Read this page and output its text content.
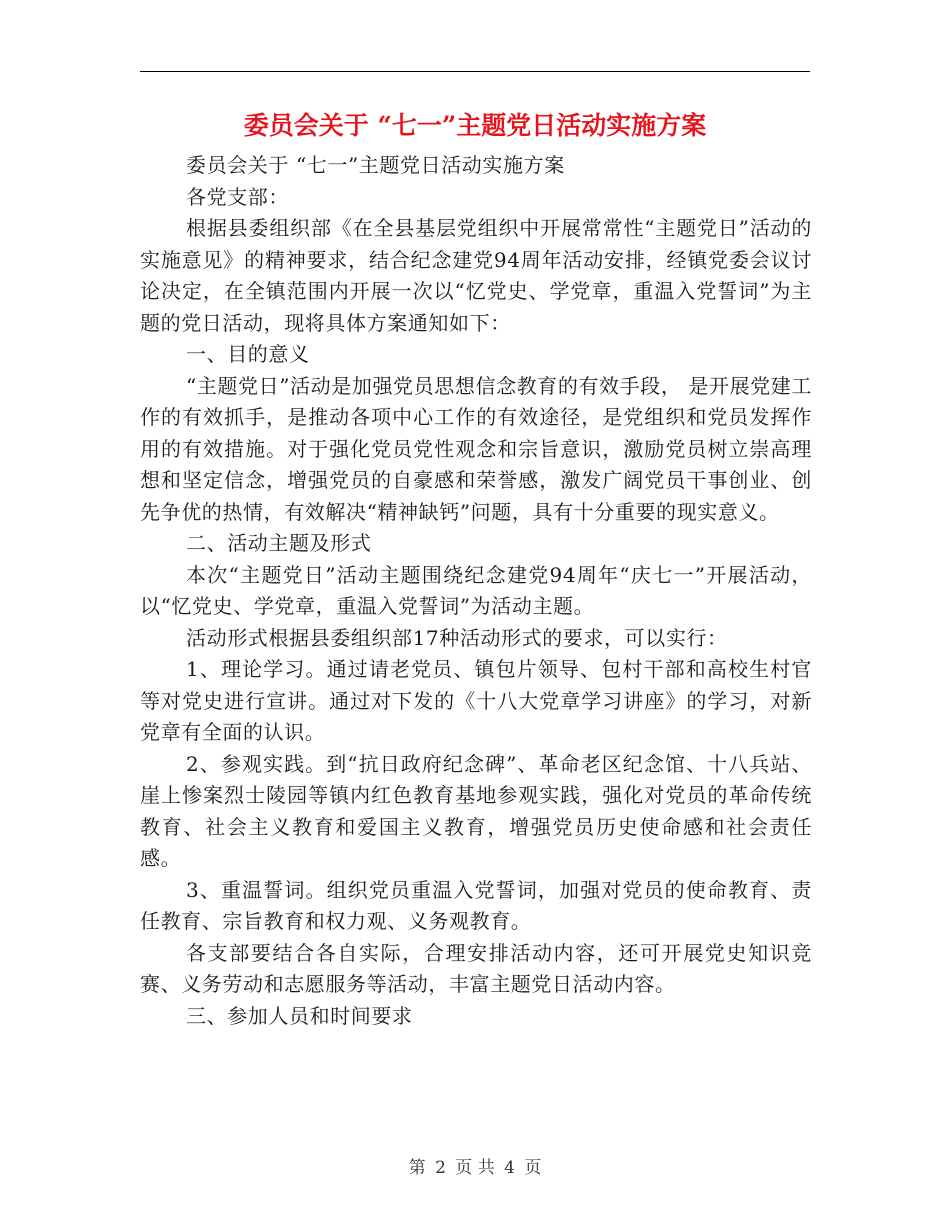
委员会关于 “七一”主题党日活动实施方案

委员会关于 “七一”主题党日活动实施方案

各党支部：

根据县委组织部《在全县基层党组织中开展常常性“主题党日”活动的实施意见》的精神要求，结合纪念建党94周年活动安排，经镇党委会议讨论决定，在全镇范围内开展一次以“忆党史、学党章，重温入党誓词”为主题的党日活动，现将具体方案通知如下：

一、目的意义

“主题党日”活动是加强党员思想信念教育的有效手段， 是开展党建工作的有效抓手，是推动各项中心工作的有效途径，是党组织和党员发挥作用的有效措施。对于强化党员党性观念和宗旨意识，激励党员树立崇高理想和坚定信念，增强党员的自豪感和荣誉感，激发广阔党员干事创业、创先争优的热情，有效解决“精神缺钙”问题，具有十分重要的现实意义。

二、活动主题及形式

本次“主题党日”活动主题围绕纪念建党94周年“庆七一”开展活动，以“忆党史、学党章，重温入党誓词”为活动主题。

活动形式根据县委组织部17种活动形式的要求，可以实行：

1、理论学习。通过请老党员、镇包片领导、包村干部和高校生村官等对党史进行宣讲。通过对下发的《十八大党章学习讲座》的学习，对新党章有全面的认识。

2、参观实践。到“抗日政府纪念碑”、革命老区纪念馆、十八兵站、崖上惨案烈士陵园等镇内红色教育基地参观实践，强化对党员的革命传统教育、社会主义教育和爱国主义教育，增强党员历史使命感和社会责任感。

3、重温誓词。组织党员重温入党誓词，加强对党员的使命教育、责任教育、宗旨教育和权力观、义务观教育。

各支部要结合各自实际，合理安排活动内容，还可开展党史知识竞赛、义务劳动和志愿服务等活动，丰富主题党日活动内容。

三、参加人员和时间要求

第 2 页 共 4 页
